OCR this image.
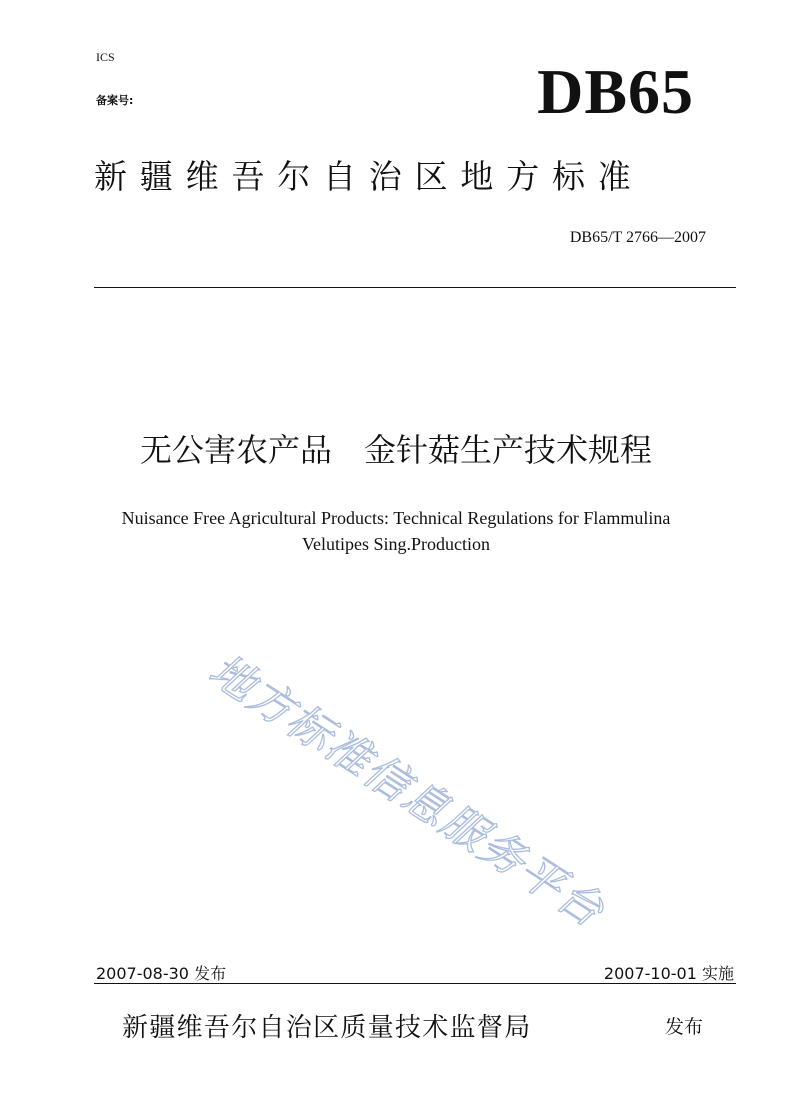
ICS
备案号:	DB65
新疆维吾尔自治区地方标准
DB65/T 2766—2007
无公害农产品　金针菇生产技术规程
Nuisance Free Agricultural Products: Technical Regulations for Flammulina
Velutipes Sing.Production
地方标准信息服务平台
2007-08-30 发布	2007-10-01 实施
新疆维吾尔自治区质量技术监督局	发布
